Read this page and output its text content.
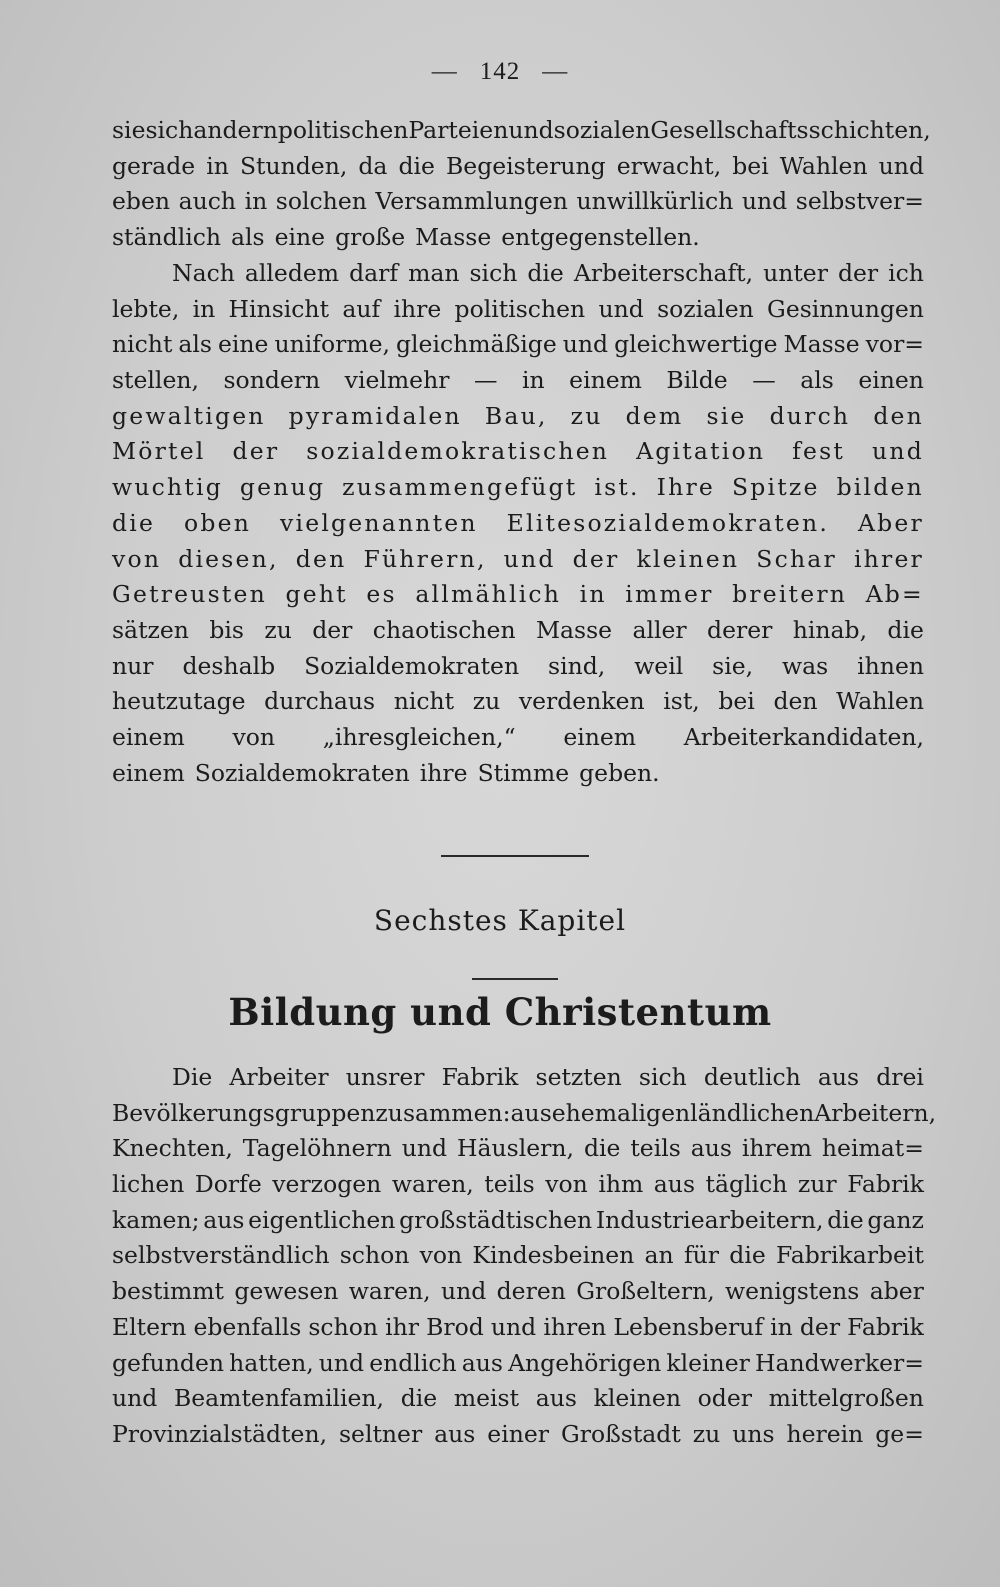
— 142 —
sie sich andern politischen Parteien und sozialen Gesellschaftsschichten,
gerade in Stunden, da die Begeisterung erwacht, bei Wahlen und
eben auch in solchen Versammlungen unwillkürlich und selbstver=
ständlich als eine große Masse entgegenstellen.
Nach alledem darf man sich die Arbeiterschaft, unter der ich
lebte, in Hinsicht auf ihre politischen und sozialen Gesinnungen
nicht als eine uniforme, gleichmäßige und gleichwertige Masse vor=
stellen, sondern vielmehr — in einem Bilde — als einen
gewaltigen pyramidalen Bau, zu dem sie durch den
Mörtel der sozialdemokratischen Agitation fest und
wuchtig genug zusammengefügt ist. Ihre Spitze bilden
die oben vielgenannten Elitesozialdemokraten. Aber
von diesen, den Führern, und der kleinen Schar ihrer
Getreusten geht es allmählich in immer breitern Ab=
sätzen bis zu der chaotischen Masse aller derer hinab, die
nur deshalb Sozialdemokraten sind, weil sie, was ihnen
heutzutage durchaus nicht zu verdenken ist, bei den Wahlen
einem von „ihresgleichen,“ einem Arbeiterkandidaten,
einem Sozialdemokraten ihre Stimme geben.
Sechstes Kapitel
Bildung und Christentum
Die Arbeiter unsrer Fabrik setzten sich deutlich aus drei
Bevölkerungsgruppen zusammen: aus ehemaligen ländlichen Arbeitern,
Knechten, Tagelöhnern und Häuslern, die teils aus ihrem heimat=
lichen Dorfe verzogen waren, teils von ihm aus täglich zur Fabrik
kamen; aus eigentlichen großstädtischen Industriearbeitern, die ganz
selbstverständlich schon von Kindesbeinen an für die Fabrikarbeit
bestimmt gewesen waren, und deren Großeltern, wenigstens aber
Eltern ebenfalls schon ihr Brod und ihren Lebensberuf in der Fabrik
gefunden hatten, und endlich aus Angehörigen kleiner Handwerker=
und Beamtenfamilien, die meist aus kleinen oder mittelgroßen
Provinzialstädten, seltner aus einer Großstadt zu uns herein ge=
